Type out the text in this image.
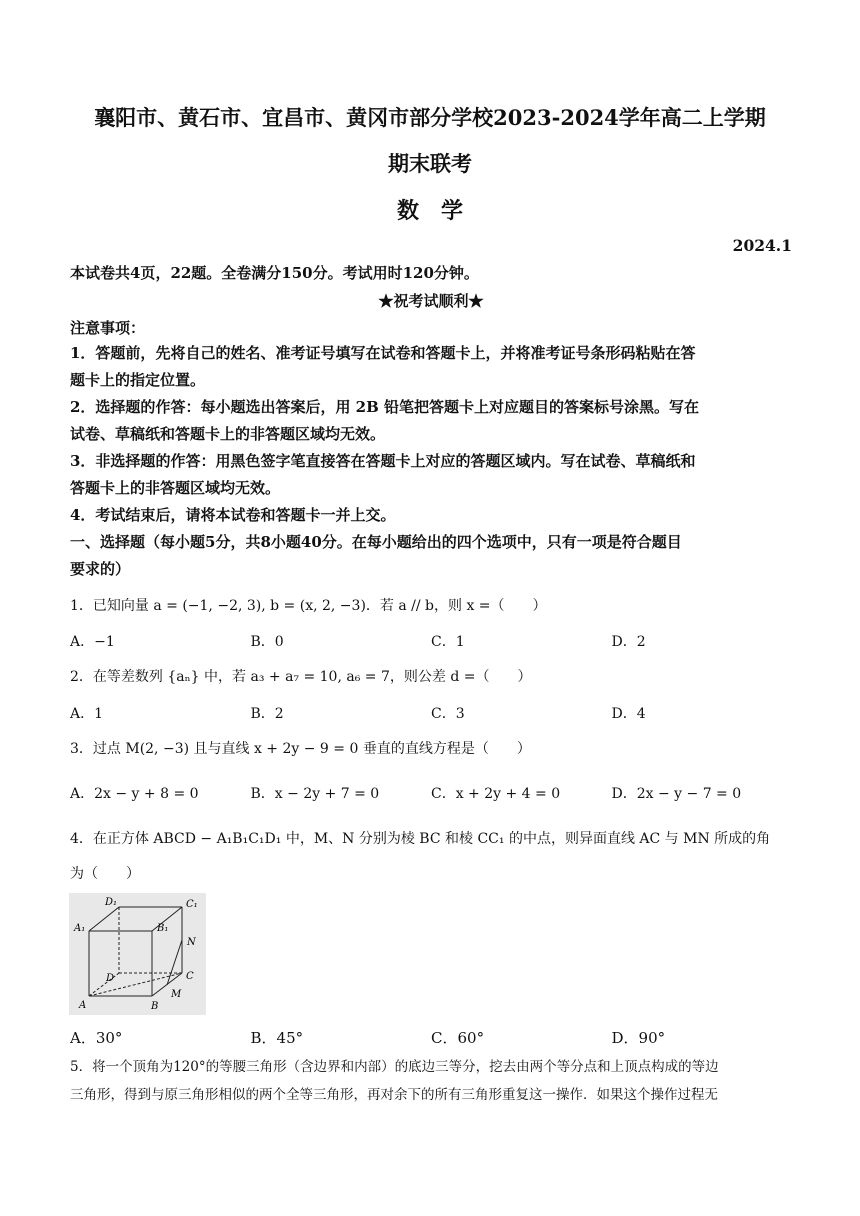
襄阳市、黄石市、宜昌市、黄冈市部分学校2023-2024学年高二上学期
期末联考
数　学
2024.1
本试卷共4页，22题。全卷满分150分。考试用时120分钟。
★祝考试顺利★
注意事项：
1．答题前，先将自己的姓名、准考证号填写在试卷和答题卡上，并将准考证号条形码粘贴在答
题卡上的指定位置。
2．选择题的作答：每小题选出答案后，用 2B 铅笔把答题卡上对应题目的答案标号涂黑。写在
试卷、草稿纸和答题卡上的非答题区域均无效。
3．非选择题的作答：用黑色签字笔直接答在答题卡上对应的答题区域内。写在试卷、草稿纸和
答题卡上的非答题区域均无效。
4．考试结束后，请将本试卷和答题卡一并上交。
一、选择题（每小题5分，共8小题40分。在每小题给出的四个选项中，只有一项是符合题目
要求的）
1．已知向量 a = (−1, −2, 3), b = (x, 2, −3)．若 a // b，则 x =（　　）
A．−1	B．0	C．1	D．2
2．在等差数列 {aₙ} 中，若 a₃ + a₇ = 10, a₆ = 7，则公差 d =（　　）
A．1	B．2	C．3	D．4
3．过点 M(2, −3) 且与直线 x + 2y − 9 = 0 垂直的直线方程是（　　）
A．2x − y + 8 = 0	B．x − 2y + 7 = 0	C．x + 2y + 4 = 0	D．2x − y − 7 = 0
4．在正方体 ABCD − A₁B₁C₁D₁ 中，M、N 分别为棱 BC 和棱 CC₁ 的中点，则异面直线 AC 与 MN 所成的角
为（　　）
D₁	C₁
A₁	B₁
N
D	C
M
A	B
A．30°	B．45°	C．60°	D．90°
5．将一个顶角为120°的等腰三角形（含边界和内部）的底边三等分，挖去由两个等分点和上顶点构成的等边
三角形，得到与原三角形相似的两个全等三角形，再对余下的所有三角形重复这一操作．如果这个操作过程无
